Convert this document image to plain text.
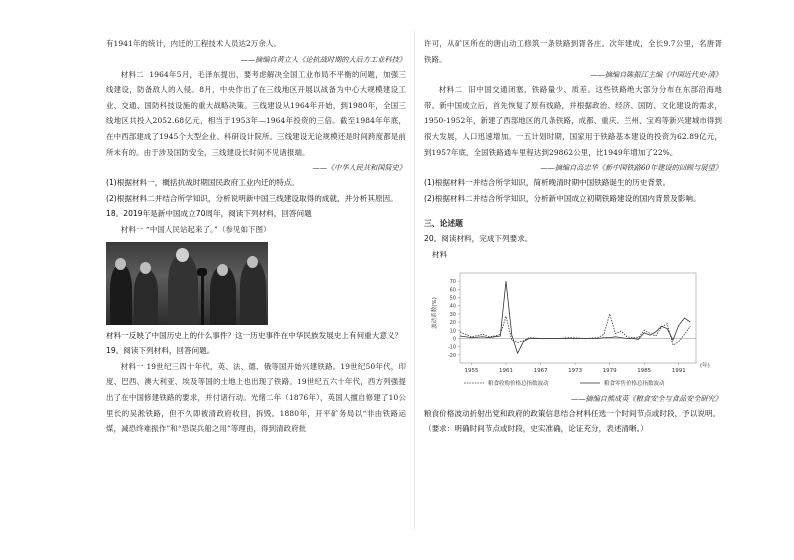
有1941年的统计，内迁的工程技术人员达2万余人。

——摘编自黄立人《论抗战时期的大后方工业科技》

材料二 1964年5月，毛泽东提出，要考虑解决全国工业布局不平衡的问题，加强三线建设，防备敌人的入侵。8月，中央作出了在三线地区开展以战备为中心大规模建设工业、交通、国防科技设施的重大战略决策。三线建设从1964年开始，到1980年，全国三线地区共投入2052.68亿元，相当于1953年—1964年投资的三倍。截至1984年年底，在中西部建成了1945个大型企业、科研设计院所。三线建设无论规模还是时间跨度都是前所未有的。由于涉及国防安全，三线建设长时间不见诸报端。

——《中华人民共和国简史》

(1)根据材料一，概括抗战时期国民政府工业内迁的特点。

(2)根据材料二并结合所学知识，分析说明新中国三线建设取得的成就，并分析其原因。

18。2019年是新中国成立70周年，阅读下列材料，回答问题

材料一 “中国人民站起来了。”（参见如下图）

材料一反映了中国历史上的什么事件？这一历史事件在中华民族发展史上有何重大意义？

19。阅读下列材料，回答问题。

材料一 19世纪三四十年代，英、法、德、俄等国开始兴建铁路。19世纪50年代，印度、巴西、澳大利亚、埃及等国的土地上也出现了铁路。19世纪五六十年代，西方列强提出了在中国修建铁路的要求，并付诸行动。光绪二年（1876年），英国人擅自修建了10公里长的吴淞铁路，但不久即被清政府收回，拆毁。1880年，开平矿务局以“非由铁路运煤，减恐终难振作”和“恐误兵船之用”等理由，得到清政府批

许可，从矿区所在的唐山动工修筑一条铁路到胥各庄。次年建成，全长9.7公里，名唐胥铁路。

——摘编自陈振江主编《中国近代史·清》

材料二 旧中国交通闭塞，铁路量少、质差。这些铁路绝大部分分布在东部沿海地带。新中国成立后，首先恢复了原有线路，并根据政治、经济、国防、文化建设的需求，1950-1952年，新建了西部地区的几条铁路，成都、重庆、兰州、宝鸡等新兴建城市得到很大发展，人口迅速增加。一五计划时期，国家用于铁路基本建设的投资为62.89亿元，到1957年底，全国铁路通车里程达到29862公里，比1949年增加了22%。

——摘编自高忠华《新中国铁路60年建设的回顾与展望》

(1)根据材料一并结合所学知识，简析晚清时期中国铁路诞生的历史背景。

(2)根据材料二并结合所学知识，分析新中国成立初期铁路建设的国内背景及影响。

三、论述题

20。阅读材料，完成下列要求。

材料

-20
-10
0
10
20
30
40
50
60
70
波动系数(%)
1955	1961	1967	1973	1979	1985	1991
(年)
粮食收购价格总指数波动	粮食零售价格总指数波动

——摘编自熊成英《粮食安全与食品安全研究》

粮食价格波动折射出党和政府的政策信息结合材料任选一个时间节点或时段，予以说明。（要求：明确时间节点或时段，史实准确，论证充分，表述清晰。）
